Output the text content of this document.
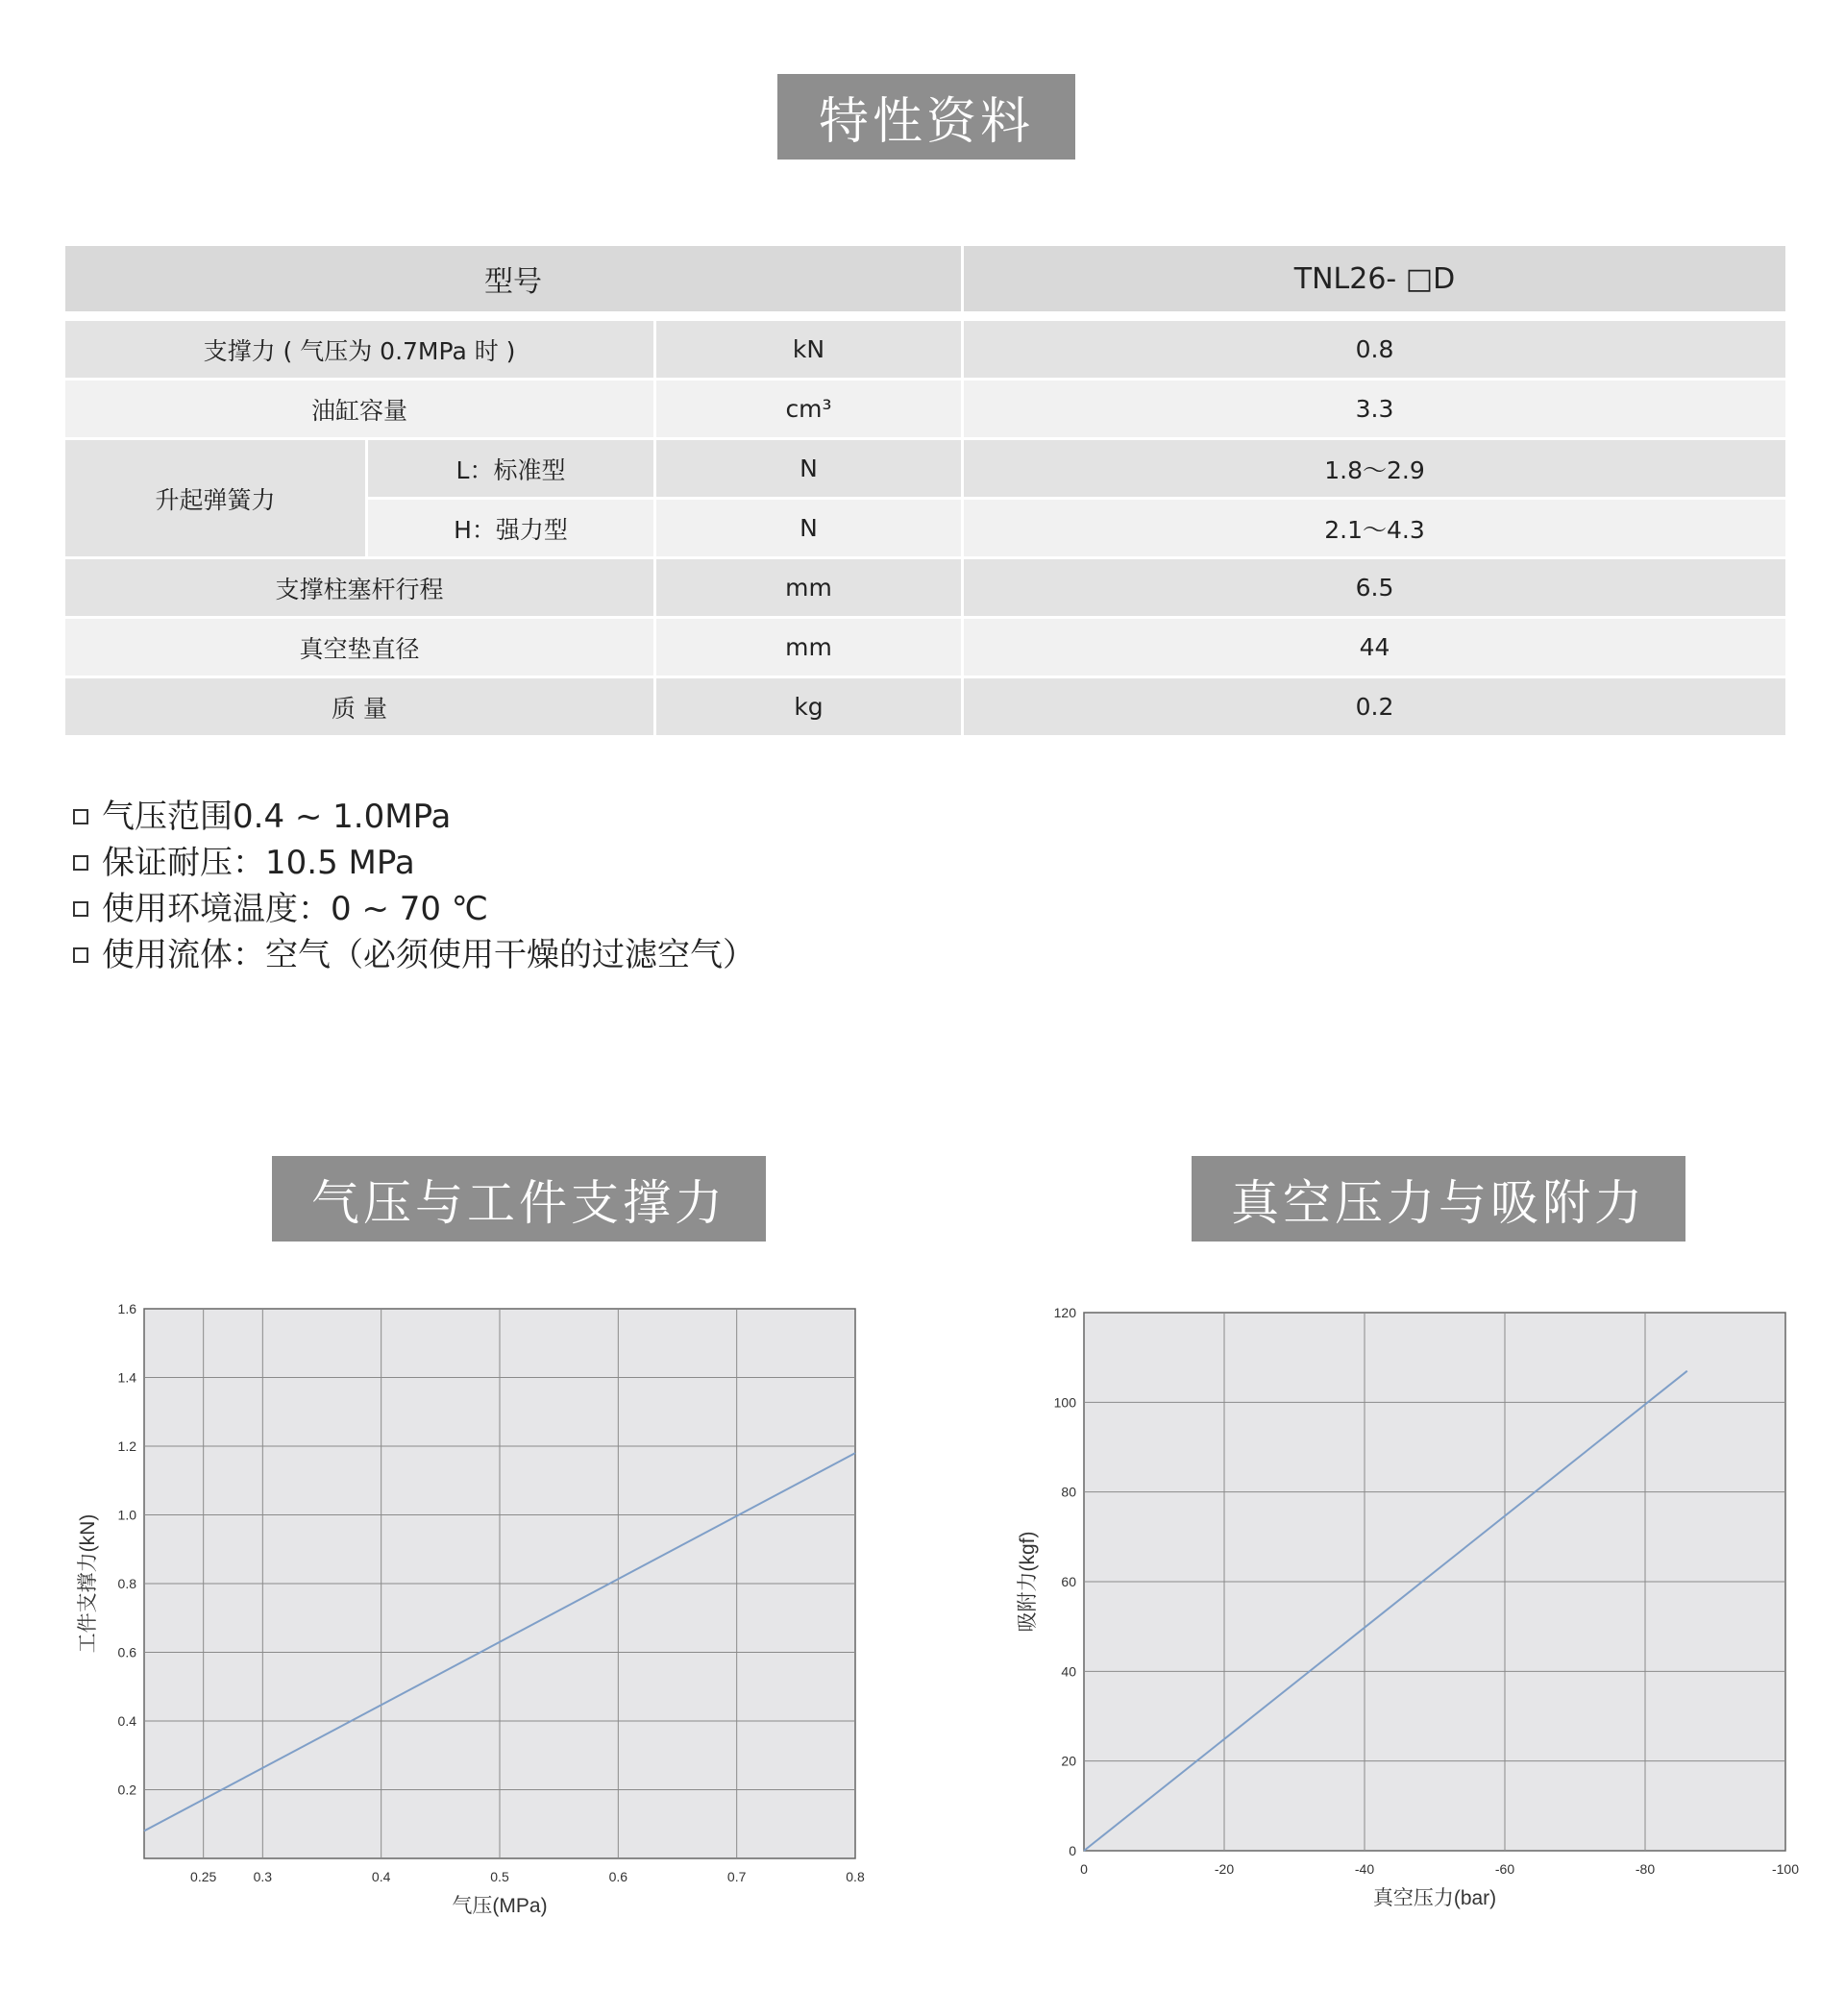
特性资料
型号			TNL26- □D
支撑力 ( 气压为 0.7MPa 时 )		kN	0.8
油缸容量		cm³	3.3
升起弹簧力	L：标准型	N	1.8～2.9
	H：强力型	N	2.1～4.3
支撑柱塞杆行程		mm	6.5
真空垫直径		mm	44
质 量		kg	0.2
气压范围0.4 ~ 1.0MPa
保证耐压：10.5 MPa
使用环境温度：0 ~ 70 ℃
使用流体：空气（必须使用干燥的过滤空气）
气压与工件支撑力	真空压力与吸附力
0.2
0.4
0.6
0.8
1.0
1.2
1.4
1.6
0.25	0.3	0.4	0.5	0.6	0.7	0.8
气压(MPa)
工件支撑力(kN)
0
20
40
60
80
100
120
0	-20	-40	-60	-80	-100
真空压力(bar)
吸附力(kgf)
